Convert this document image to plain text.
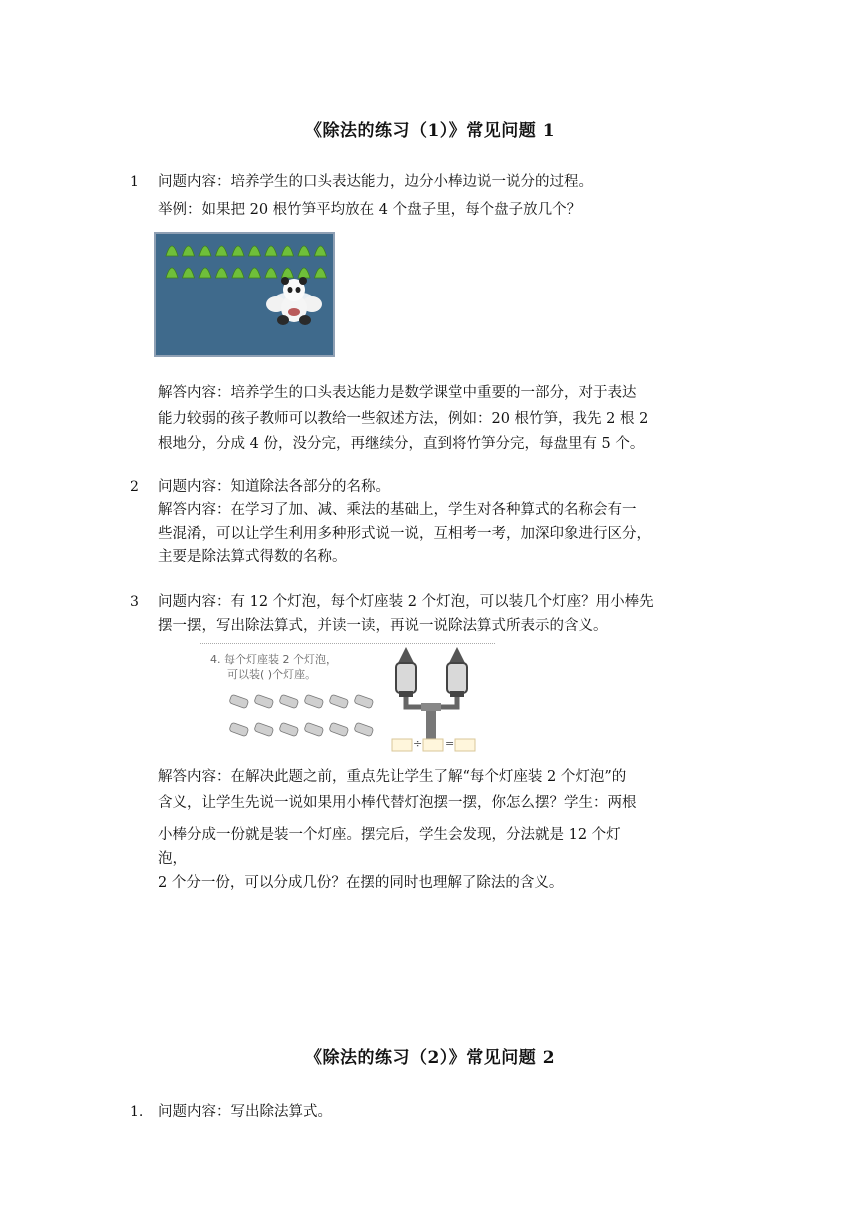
《除法的练习（1）》常见问题 1
1 问题内容：培养学生的口头表达能力，边分小棒边说一说分的过程。
举例：如果把 20 根竹笋平均放在 4 个盘子里，每个盘子放几个？
解答内容：培养学生的口头表达能力是数学课堂中重要的一部分，对于表达
能力较弱的孩子教师可以教给一些叙述方法，例如：20 根竹笋，我先 2 根 2
根地分，分成 4 份，没分完，再继续分，直到将竹笋分完，每盘里有 5 个。
2 问题内容：知道除法各部分的名称。
解答内容：在学习了加、减、乘法的基础上，学生对各种算式的名称会有一
些混淆，可以让学生利用多种形式说一说，互相考一考，加深印象进行区分，
主要是除法算式得数的名称。
3 问题内容：有 12 个灯泡，每个灯座装 2 个灯泡，可以装几个灯座？用小棒先
摆一摆，写出除法算式，并读一读，再说一说除法算式所表示的含义。
4. 每个灯座装 2 个灯泡，
可以装( )个灯座。
÷ =
解答内容：在解决此题之前，重点先让学生了解“每个灯座装 2 个灯泡”的
含义，让学生先说一说如果用小棒代替灯泡摆一摆，你怎么摆？学生：两根
小棒分成一份就是装一个灯座。摆完后，学生会发现，分法就是 12 个灯
泡，
2 个分一份，可以分成几份？在摆的同时也理解了除法的含义。
《除法的练习（2）》常见问题 2
1. 问题内容：写出除法算式。
